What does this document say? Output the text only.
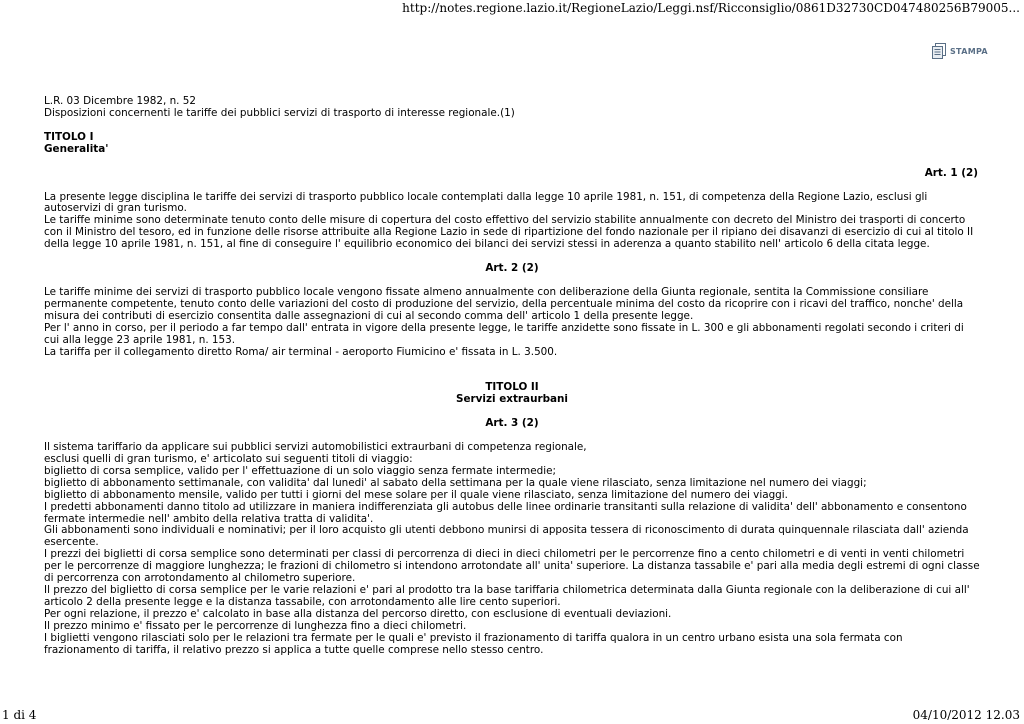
http://notes.regione.lazio.it/RegioneLazio/Leggi.nsf/Ricconsiglio/0861D32730CD047480256B79005...
STAMPA

L.R. 03 Dicembre 1982, n. 52

Disposizioni concernenti le tariffe dei pubblici servizi di trasporto di interesse regionale.(1)

TITOLO I

Generalita'

Art. 1 (2)

La presente legge disciplina le tariffe dei servizi di trasporto pubblico locale contemplati dalla legge 10 aprile 1981, n. 151, di competenza della Regione Lazio, esclusi gli autoservizi di gran turismo.

Le tariffe minime sono determinate tenuto conto delle misure di copertura del costo effettivo del servizio stabilite annualmente con decreto del Ministro dei trasporti di concerto con il Ministro del tesoro, ed in funzione delle risorse attribuite alla Regione Lazio in sede di ripartizione del fondo nazionale per il ripiano dei disavanzi di esercizio di cui al titolo II della legge 10 aprile 1981, n. 151, al fine di conseguire l' equilibrio economico dei bilanci dei servizi stessi in aderenza a quanto stabilito nell' articolo 6 della citata legge.

Art. 2 (2)

Le tariffe minime dei servizi di trasporto pubblico locale vengono fissate almeno annualmente con deliberazione della Giunta regionale, sentita la Commissione consiliare permanente competente, tenuto conto delle variazioni del costo di produzione del servizio, della percentuale minima del costo da ricoprire con i ricavi del traffico, nonche' della misura dei contributi di esercizio consentita dalle assegnazioni di cui al secondo comma dell' articolo 1 della presente legge.

Per l' anno in corso, per il periodo a far tempo dall' entrata in vigore della presente legge, le tariffe anzidette sono fissate in L. 300 e gli abbonamenti regolati secondo i criteri di cui alla legge 23 aprile 1981, n. 153.

La tariffa per il collegamento diretto Roma/ air terminal - aeroporto Fiumicino e' fissata in L. 3.500.

TITOLO II

Servizi extraurbani

Art. 3 (2)

Il sistema tariffario da applicare sui pubblici servizi automobilistici extraurbani di competenza regionale,

esclusi quelli di gran turismo, e' articolato sui seguenti titoli di viaggio:

biglietto di corsa semplice, valido per l' effettuazione di un solo viaggio senza fermate intermedie;

biglietto di abbonamento settimanale, con validita' dal lunedi' al sabato della settimana per la quale viene rilasciato, senza limitazione nel numero dei viaggi;

biglietto di abbonamento mensile, valido per tutti i giorni del mese solare per il quale viene rilasciato, senza limitazione del numero dei viaggi.

I predetti abbonamenti danno titolo ad utilizzare in maniera indifferenziata gli autobus delle linee ordinarie transitanti sulla relazione di validita' dell' abbonamento e consentono fermate intermedie nell' ambito della relativa tratta di validita'.

Gli abbonamenti sono individuali e nominativi; per il loro acquisto gli utenti debbono munirsi di apposita tessera di riconoscimento di durata quinquennale rilasciata dall' azienda esercente.

I prezzi dei biglietti di corsa semplice sono determinati per classi di percorrenza di dieci in dieci chilometri per le percorrenze fino a cento chilometri e di venti in venti chilometri per le percorrenze di maggiore lunghezza; le frazioni di chilometro si intendono arrotondate all' unita' superiore. La distanza tassabile e' pari alla media degli estremi di ogni classe di percorrenza con arrotondamento al chilometro superiore.

Il prezzo del biglietto di corsa semplice per le varie relazioni e' pari al prodotto tra la base tariffaria chilometrica determinata dalla Giunta regionale con la deliberazione di cui all' articolo 2 della presente legge e la distanza tassabile, con arrotondamento alle lire cento superiori.

Per ogni relazione, il prezzo e' calcolato in base alla distanza del percorso diretto, con esclusione di eventuali deviazioni.

Il prezzo minimo e' fissato per le percorrenze di lunghezza fino a dieci chilometri.

I biglietti vengono rilasciati solo per le relazioni tra fermate per le quali e' previsto il frazionamento di tariffa qualora in un centro urbano esista una sola fermata con frazionamento di tariffa, il relativo prezzo si applica a tutte quelle comprese nello stesso centro.

1 di 4	04/10/2012 12.03
